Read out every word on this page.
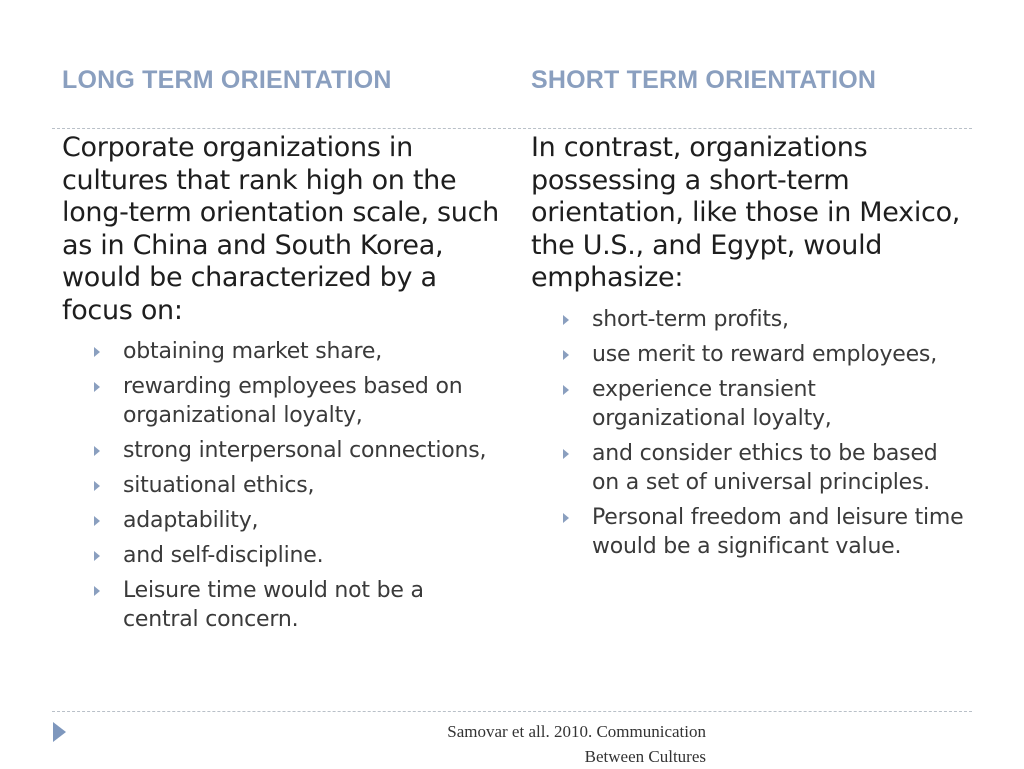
LONG TERM ORIENTATION	SHORT TERM ORIENTATION

Corporate organizations in cultures that rank high on the long-term orientation scale, such as in China and South Korea, would be characterized by a focus on:

obtaining market share,
rewarding employees based on organizational loyalty,
strong interpersonal connections,
situational ethics,
adaptability,
and self-discipline.
Leisure time would not be a central concern.

In contrast, organizations possessing a short-term orientation, like those in Mexico, the U.S., and Egypt, would emphasize:

short-term profits,
use merit to reward employees,
experience transient organizational loyalty,
and consider ethics to be based on a set of universal principles.
Personal freedom and leisure time would be a significant value.
Samovar et all. 2010. Communication
Between Cultures
